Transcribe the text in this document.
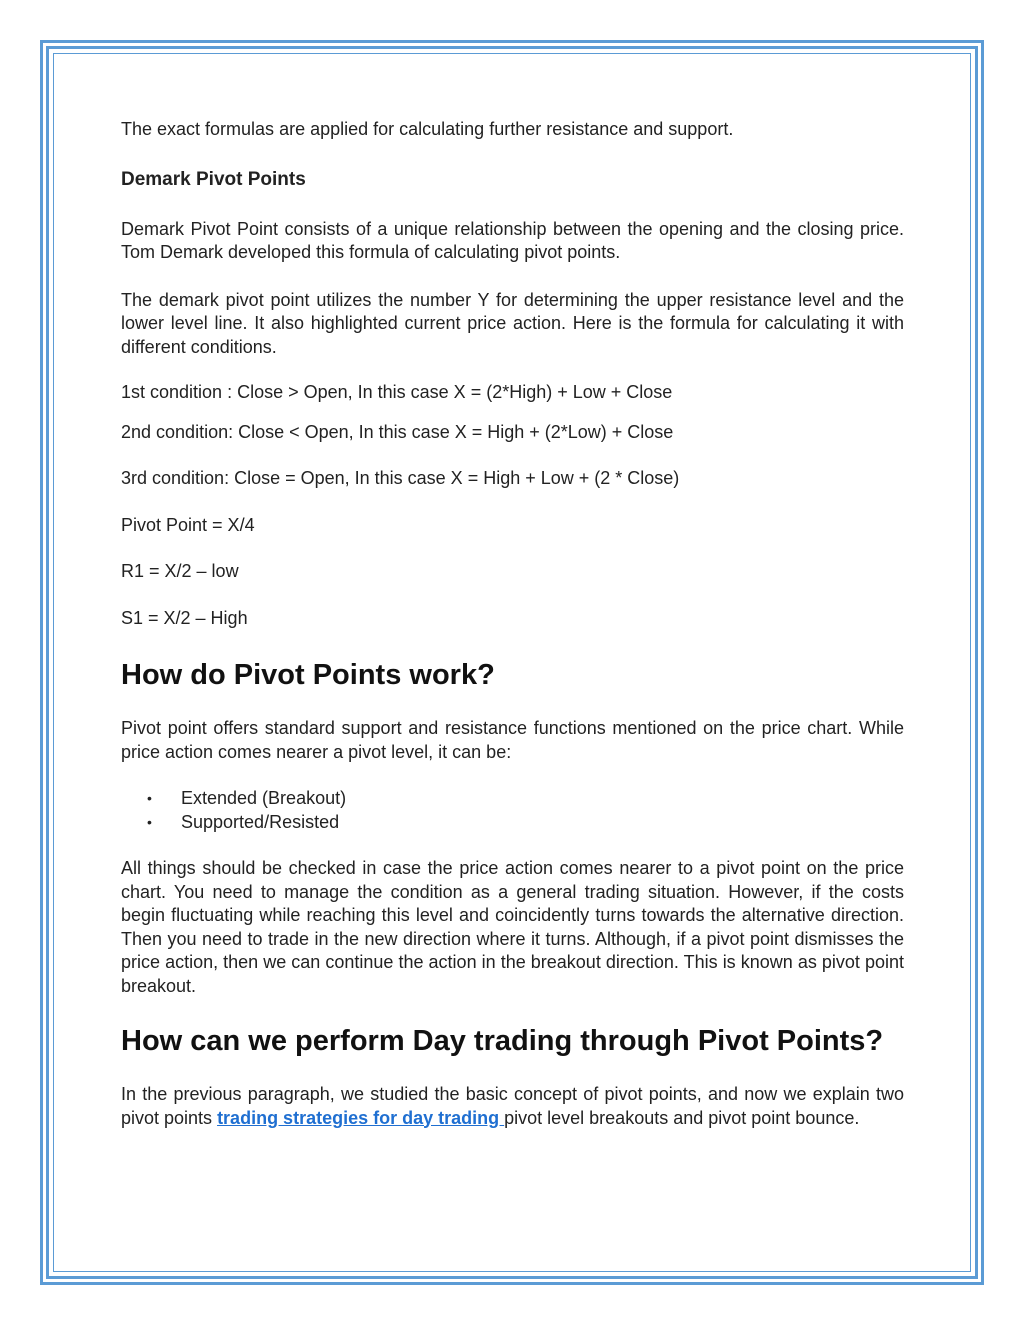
The exact formulas are applied for calculating further resistance and support.

Demark Pivot Points

Demark Pivot Point consists of a unique relationship between the opening and the closing price. Tom Demark developed this formula of calculating pivot points.

The demark pivot point utilizes the number Y for determining the upper resistance level and the lower level line. It also highlighted current price action. Here is the formula for calculating it with different conditions.

1st condition : Close > Open, In this case X = (2*High) + Low + Close

2nd condition: Close < Open, In this case X = High + (2*Low) + Close

3rd condition: Close = Open, In this case X = High + Low + (2 * Close)

Pivot Point = X/4

R1 = X/2 – low

S1 = X/2 – High

How do Pivot Points work?

Pivot point offers standard support and resistance functions mentioned on the price chart. While price action comes nearer a pivot level, it can be:

• Extended (Breakout)
• Supported/Resisted

All things should be checked in case the price action comes nearer to a pivot point on the price chart. You need to manage the condition as a general trading situation. However, if the costs begin fluctuating while reaching this level and coincidently turns towards the alternative direction. Then you need to trade in the new direction where it turns. Although, if a pivot point dismisses the price action, then we can continue the action in the breakout direction. This is known as pivot point breakout.

How can we perform Day trading through Pivot Points?

In the previous paragraph, we studied the basic concept of pivot points, and now we explain two pivot points trading strategies for day trading pivot level breakouts and pivot point bounce.
